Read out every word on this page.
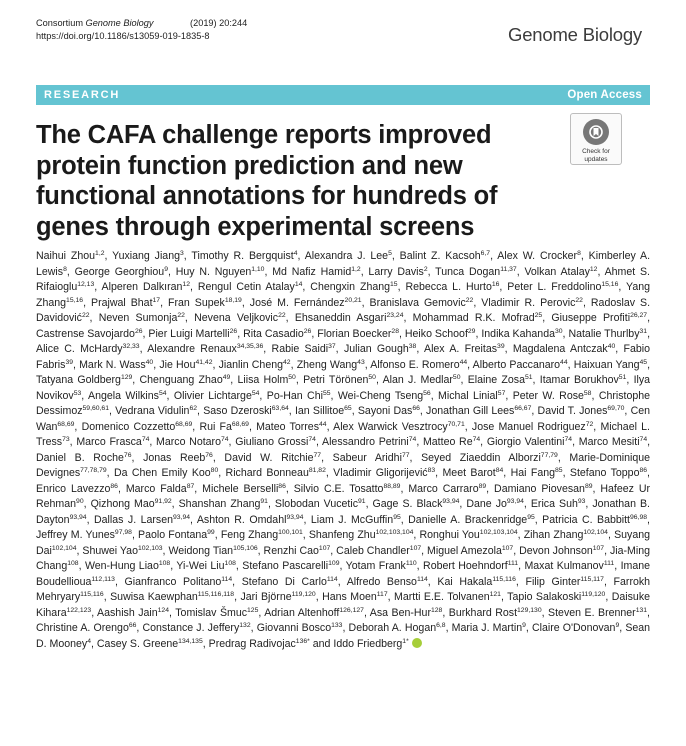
Consortium Genome Biology	(2019) 20:244
https://doi.org/10.1186/s13059-019-1835-8	Genome Biology
RESEARCH	Open Access
The CAFA challenge reports improved protein function prediction and new functional annotations for hundreds of genes through experimental screens
Check for
updates
Naihui Zhou$^{1,2}$, Yuxiang Jiang$^3$, Timothy R. Bergquist$^4$, Alexandra J. Lee$^5$, Balint Z. Kacsoh$^{6,7}$, Alex W. Crocker$^8$, Kimberley A. Lewis$^8$, George Georghiou$^9$, Huy N. Nguyen$^{1,10}$, Md Nafiz Hamid$^{1,2}$, Larry Davis$^2$, Tunca Dogan$^{11,37}$, Volkan Atalay$^{12}$, Ahmet S. Rifaioglu$^{12,13}$, Alperen Dalkıran$^{12}$, Rengul Cetin Atalay$^{14}$, Chengxin Zhang$^{15}$, Rebecca L. Hurto$^{16}$, Peter L. Freddolino$^{15,16}$, Yang Zhang$^{15,16}$, Prajwal Bhat$^{17}$, Fran Supek$^{18,19}$, José M. Fernández$^{20,21}$, Branislava Gemovic$^{22}$, Vladimir R. Perovic$^{22}$, Radoslav S. Davidović$^{22}$, Neven Sumonja$^{22}$, Nevena Veljkovic$^{22}$, Ehsaneddin Asgari$^{23,24}$, Mohammad R.K. Mofrad$^{25}$, Giuseppe Profiti$^{26,27}$, Castrense Savojardo$^{26}$, Pier Luigi Martelli$^{26}$, Rita Casadio$^{26}$, Florian Boecker$^{28}$, Heiko Schoof$^{29}$, Indika Kahanda$^{30}$, Natalie Thurlby$^{31}$, Alice C. McHardy$^{32,33}$, Alexandre Renaux$^{34,35,36}$, Rabie Saidi$^{37}$, Julian Gough$^{38}$, Alex A. Freitas$^{39}$, Magdalena Antczak$^{40}$, Fabio Fabris$^{39}$, Mark N. Wass$^{40}$, Jie Hou$^{41,42}$, Jianlin Cheng$^{42}$, Zheng Wang$^{43}$, Alfonso E. Romero$^{44}$, Alberto Paccanaro$^{44}$, Haixuan Yang$^{45}$, Tatyana Goldberg$^{129}$, Chenguang Zhao$^{49}$, Liisa Holm$^{50}$, Petri Törönen$^{50}$, Alan J. Medlar$^{50}$, Elaine Zosa$^{51}$, Itamar Borukhov$^{51}$, Ilya Novikov$^{53}$, Angela Wilkins$^{54}$, Olivier Lichtarge$^{54}$, Po-Han Chi$^{55}$, Wei-Cheng Tseng$^{56}$, Michal Linial$^{57}$, Peter W. Rose$^{58}$, Christophe Dessimoz$^{59,60,61}$, Vedrana Vidulin$^{62}$, Saso Dzeroski$^{63,64}$, Ian Sillitoe$^{65}$, Sayoni Das$^{66}$, Jonathan Gill Lees$^{66,67}$, David T. Jones$^{69,70}$, Cen Wan$^{68,69}$, Domenico Cozzetto$^{68,69}$, Rui Fa$^{68,69}$, Mateo Torres$^{44}$, Alex Warwick Vesztrocy$^{70,71}$, Jose Manuel Rodriguez$^{72}$, Michael L. Tress$^{73}$, Marco Frasca$^{74}$, Marco Notaro$^{74}$, Giuliano Grossi$^{74}$, Alessandro Petrini$^{74}$, Matteo Re$^{74}$, Giorgio Valentini$^{74}$, Marco Mesiti$^{74}$, Daniel B. Roche$^{76}$, Jonas Reeb$^{76}$, David W. Ritchie$^{77}$, Sabeur Aridhi$^{77}$, Seyed Ziaeddin Alborzi$^{77,79}$, Marie-Dominique Devignes$^{77,78,79}$, Da Chen Emily Koo$^{80}$, Richard Bonneau$^{81,82}$, Vladimir Gligorijević$^{83}$, Meet Barot$^{84}$, Hai Fang$^{85}$, Stefano Toppo$^{86}$, Enrico Lavezzo$^{86}$, Marco Falda$^{87}$, Michele Berselli$^{86}$, Silvio C.E. Tosatto$^{88,89}$, Marco Carraro$^{89}$, Damiano Piovesan$^{89}$, Hafeez Ur Rehman$^{90}$, Qizhong Mao$^{91,92}$, Shanshan Zhang$^{91}$, Slobodan Vucetic$^{91}$, Gage S. Black$^{93,94}$, Dane Jo$^{93,94}$, Erica Suh$^{93}$, Jonathan B. Dayton$^{93,94}$, Dallas J. Larsen$^{93,94}$, Ashton R. Omdahl$^{93,94}$, Liam J. McGuffin$^{95}$, Danielle A. Brackenridge$^{95}$, Patricia C. Babbitt$^{96,98}$, Jeffrey M. Yunes$^{97,98}$, Paolo Fontana$^{99}$, Feng Zhang$^{100,101}$, Shanfeng Zhu$^{102,103,104}$, Ronghui You$^{102,103,104}$, Zihan Zhang$^{102,104}$, Suyang Dai$^{102,104}$, Shuwei Yao$^{102,103}$, Weidong Tian$^{105,106}$, Renzhi Cao$^{107}$, Caleb Chandler$^{107}$, Miguel Amezola$^{107}$, Devon Johnson$^{107}$, Jia-Ming Chang$^{108}$, Wen-Hung Liao$^{108}$, Yi-Wei Liu$^{108}$, Stefano Pascarelli$^{109}$, Yotam Frank$^{110}$, Robert Hoehndorf$^{111}$, Maxat Kulmanov$^{111}$, Imane Boudellioua$^{112,113}$, Gianfranco Politano$^{114}$, Stefano Di Carlo$^{114}$, Alfredo Benso$^{114}$, Kai Hakala$^{115,116}$, Filip Ginter$^{115,117}$, Farrokh Mehryary$^{115,116}$, Suwisa Kaewphan$^{115,116,118}$, Jari Björne$^{119,120}$, Hans Moen$^{117}$, Martti E.E. Tolvanen$^{121}$, Tapio Salakoski$^{119,120}$, Daisuke Kihara$^{122,123}$, Aashish Jain$^{124}$, Tomislav Šmuc$^{125}$, Adrian Altenhoff$^{126,127}$, Asa Ben-Hur$^{128}$, Burkhard Rost$^{129,130}$, Steven E. Brenner$^{131}$, Christine A. Orengo$^{66}$, Constance J. Jeffery$^{132}$, Giovanni Bosco$^{133}$, Deborah A. Hogan$^{6,8}$, Maria J. Martin$^9$, Claire O'Donovan$^9$, Sean D. Mooney$^4$, Casey S. Greene$^{134,135}$, Predrag Radivojac$^{136*}$ and Iddo Friedberg$^{1*}$
